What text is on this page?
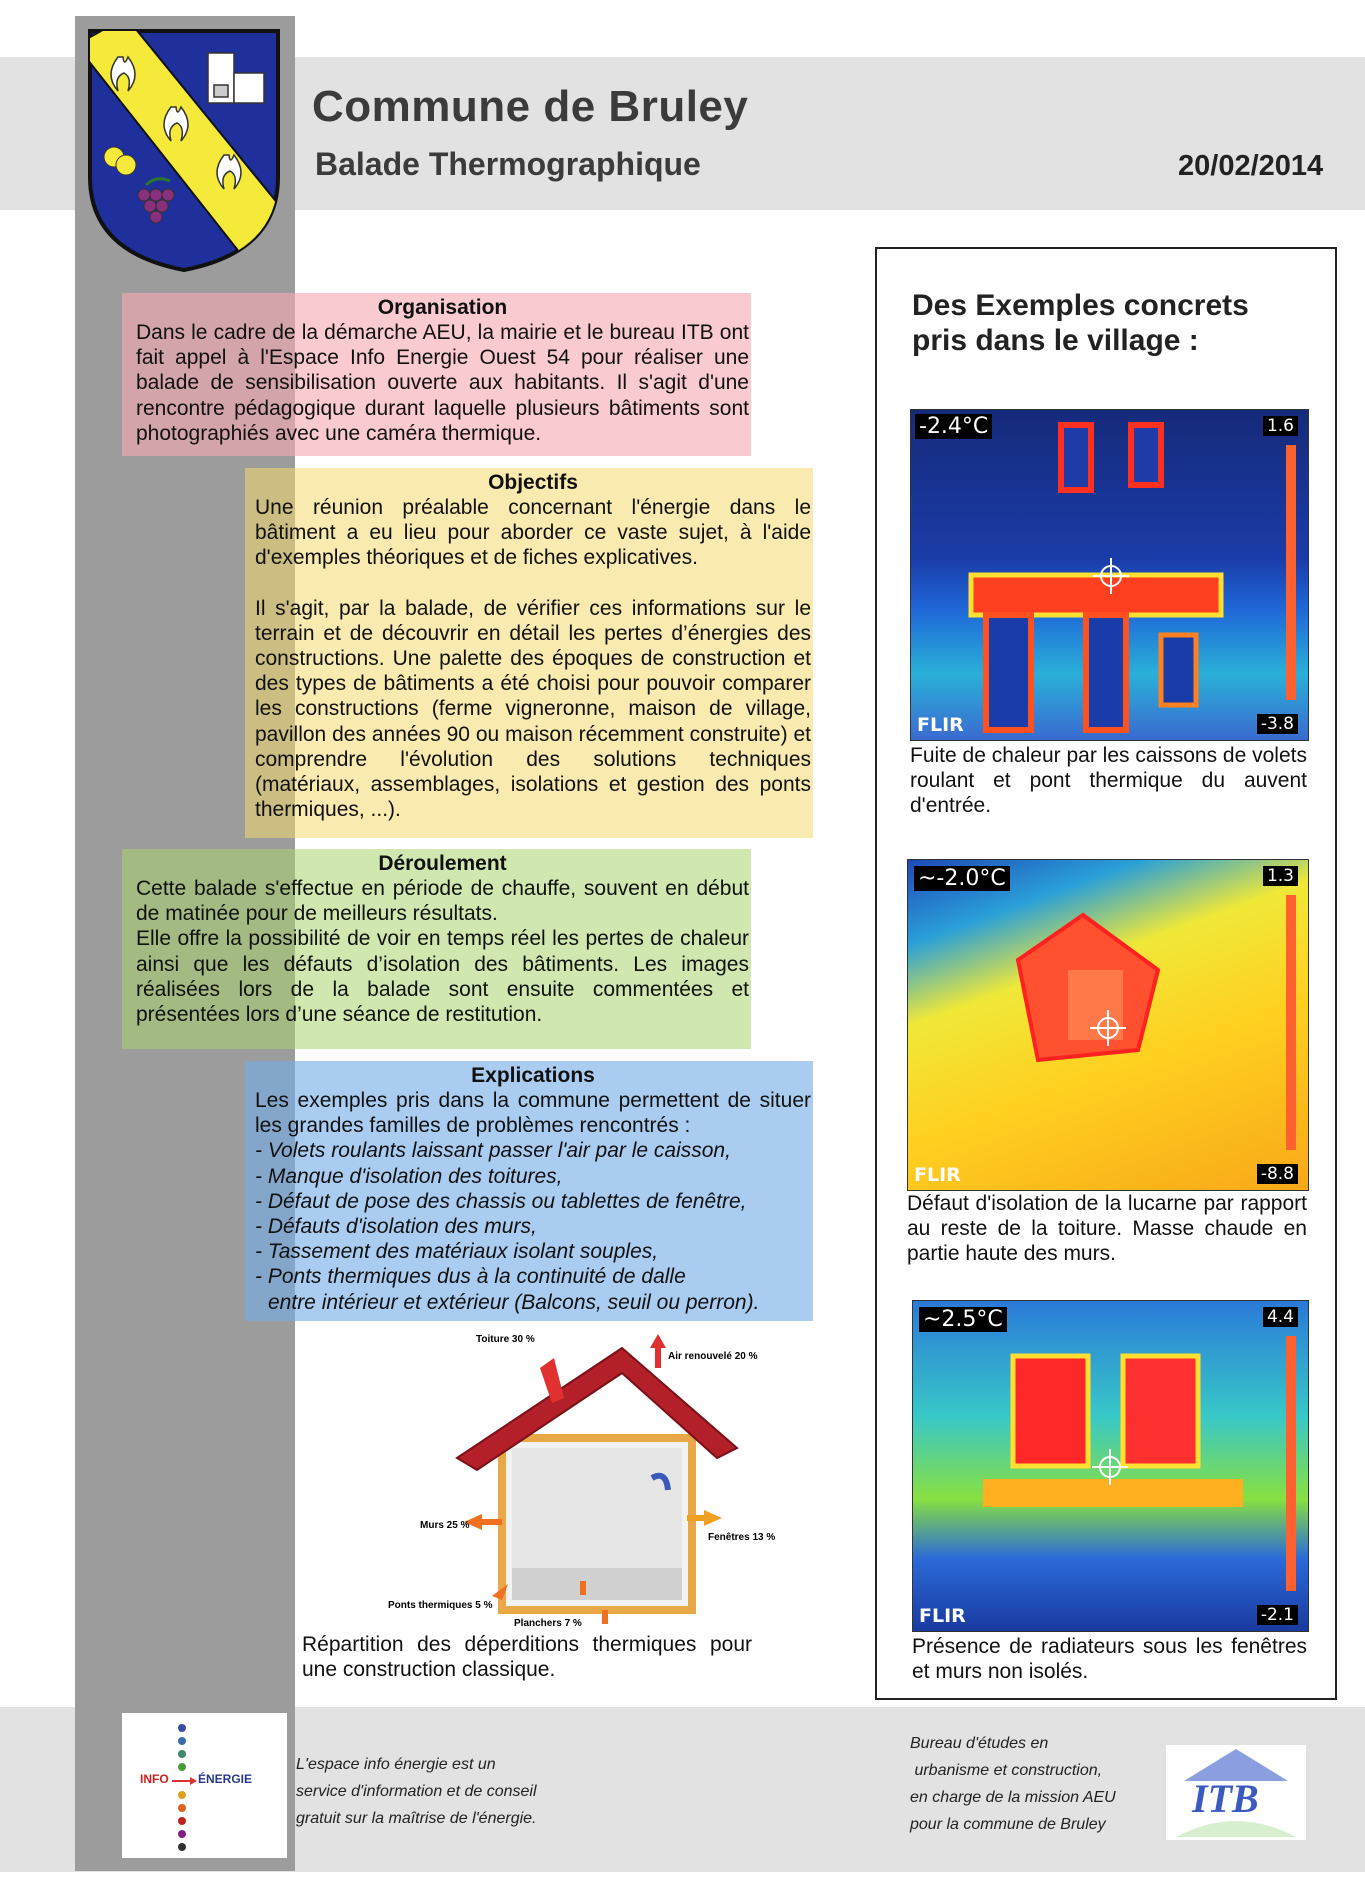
Commune de Bruley
Balade Thermographique	20/02/2014
Organisation

Dans le cadre de la démarche AEU, la mairie et le bureau ITB ont fait appel à l'Espace Info Energie Ouest 54 pour réaliser une balade de sensibilisation ouverte aux habitants. Il s'agit d'une rencontre pédagogique durant laquelle plusieurs bâtiments sont photographiés avec une caméra thermique.

Objectifs

Une réunion préalable concernant l'énergie dans le bâtiment a eu lieu pour aborder ce vaste sujet, à l'aide d'exemples théoriques et de fiches explicatives.

Il s'agit, par la balade, de vérifier ces informations sur le terrain et de découvrir en détail les pertes d’énergies des constructions. Une palette des époques de construction et des types de bâtiments a été choisi pour pouvoir comparer les constructions (ferme vigneronne, maison de village, pavillon des années 90 ou maison récemment construite) et comprendre l'évolution des solutions techniques (matériaux, assemblages, isolations et gestion des ponts thermiques, ...).

Déroulement

Cette balade s'effectue en période de chauffe, souvent en début de matinée pour de meilleurs résultats.

Elle offre la possibilité de voir en temps réel les pertes de chaleur ainsi que les défauts d’isolation des bâtiments. Les images réalisées lors de la balade sont ensuite commentées et présentées lors d’une séance de restitution.

Explications

Les exemples pris dans la commune permettent de situer les grandes familles de problèmes rencontrés :

- Volets roulants laissant passer l'air par le caisson,
- Manque d'isolation des toitures,
- Défaut de pose des chassis ou tablettes de fenêtre,
- Défauts d'isolation des murs,
- Tassement des matériaux isolant souples,
- Ponts thermiques dus à la continuité de dalle
entre intérieur et extérieur (Balcons, seuil ou perron).
Toiture 30 %
Air renouvelé 20 %
Murs 25 %
Fenêtres 13 %
Ponts thermiques 5 %
Planchers 7 %
Répartition des déperditions thermiques pour une construction classique.
Des Exemples concrets pris dans le village :
-2.4°C	1.6
-3.8
FLIR
Fuite de chaleur par les caissons de volets roulant et pont thermique du auvent d'entrée.
~-2.0°C	1.3
-8.8
FLIR
Défaut d'isolation de la lucarne par rapport au reste de la toiture. Masse chaude en partie haute des murs.
~2.5°C	4.4
-2.1
FLIR
Présence de radiateurs sous les fenêtres et murs non isolés.
INFO ÉNERGIE
L'espace info énergie est un
service d'information et de conseil
gratuit sur la maîtrise de l'énergie.
Bureau d'études en
urbanisme et construction,
en charge de la mission AEU
pour la commune de Bruley
ITB
